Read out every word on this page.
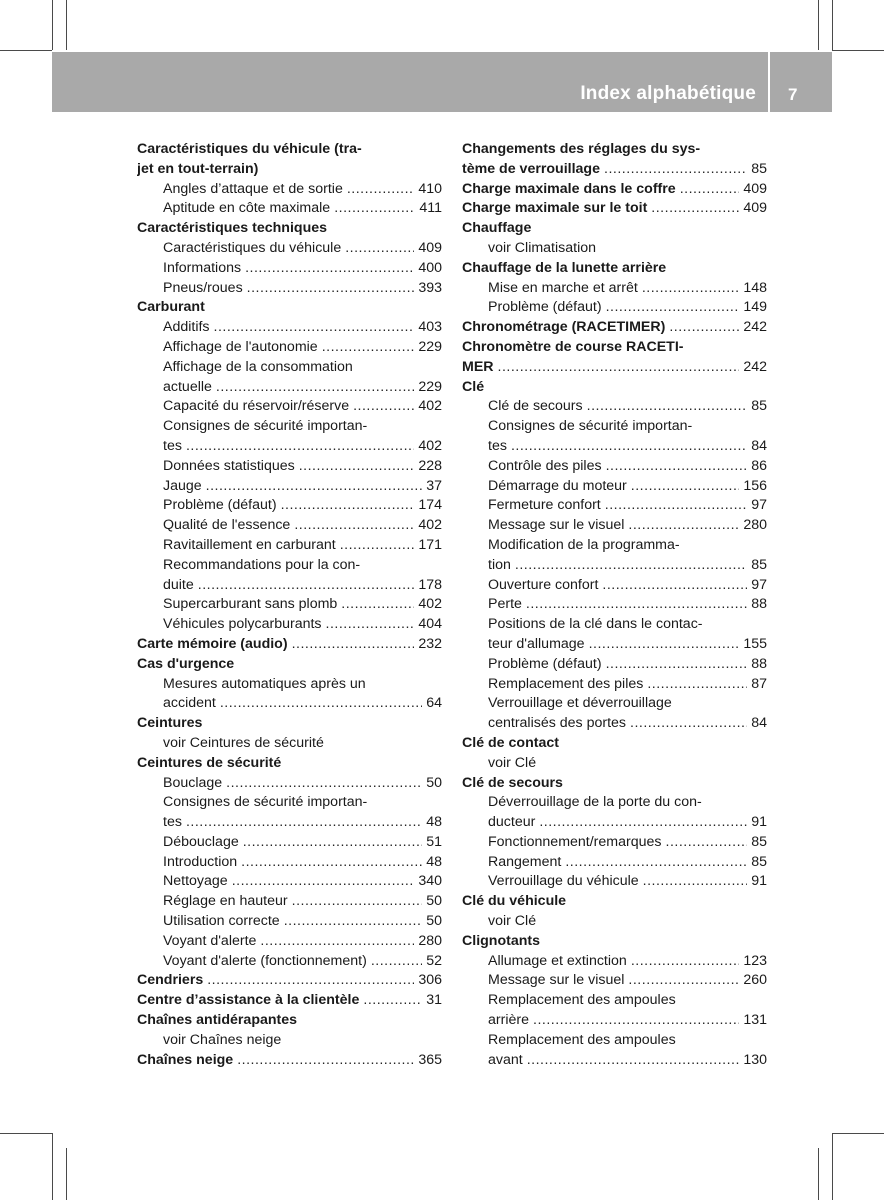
Index alphabétique 7
Caractéristiques du véhicule (tra-
jet en tout-terrain)
Angles d’attaque et de sortie .....	410
Aptitude en côte maximale .....	411
Caractéristiques techniques
Caractéristiques du véhicule .....	409
Informations .....	400
Pneus/roues .....	393
Carburant
Additifs .....	403
Affichage de l'autonomie .....	229
Affichage de la consommation
actuelle .....	229
Capacité du réservoir/réserve .....	402
Consignes de sécurité importan-
tes .....	402
Données statistiques .....	228
Jauge .....	37
Problème (défaut) .....	174
Qualité de l'essence .....	402
Ravitaillement en carburant .....	171
Recommandations pour la con-
duite .....	178
Supercarburant sans plomb .....	402
Véhicules polycarburants .....	404
Carte mémoire (audio) .....	232
Cas d'urgence
Mesures automatiques après un
accident .....	64
Ceintures
voir Ceintures de sécurité
Ceintures de sécurité
Bouclage .....	50
Consignes de sécurité importan-
tes .....	48
Débouclage .....	51
Introduction .....	48
Nettoyage .....	340
Réglage en hauteur .....	50
Utilisation correcte .....	50
Voyant d'alerte .....	280
Voyant d'alerte (fonctionnement) .....	52
Cendriers .....	306
Centre d’assistance à la clientèle .....	31
Chaînes antidérapantes
voir Chaînes neige
Chaînes neige .....	365
Changements des réglages du sys-
tème de verrouillage .....	85
Charge maximale dans le coffre .....	409
Charge maximale sur le toit .....	409
Chauffage
voir Climatisation
Chauffage de la lunette arrière
Mise en marche et arrêt .....	148
Problème (défaut) .....	149
Chronométrage (RACETIMER) .....	242
Chronomètre de course RACETI-
MER .....	242
Clé
Clé de secours .....	85
Consignes de sécurité importan-
tes .....	84
Contrôle des piles .....	86
Démarrage du moteur .....	156
Fermeture confort .....	97
Message sur le visuel .....	280
Modification de la programma-
tion .....	85
Ouverture confort .....	97
Perte .....	88
Positions de la clé dans le contac-
teur d'allumage .....	155
Problème (défaut) .....	88
Remplacement des piles .....	87
Verrouillage et déverrouillage
centralisés des portes .....	84
Clé de contact
voir Clé
Clé de secours
Déverrouillage de la porte du con-
ducteur .....	91
Fonctionnement/remarques .....	85
Rangement .....	85
Verrouillage du véhicule .....	91
Clé du véhicule
voir Clé
Clignotants
Allumage et extinction .....	123
Message sur le visuel .....	260
Remplacement des ampoules
arrière .....	131
Remplacement des ampoules
avant .....	130
